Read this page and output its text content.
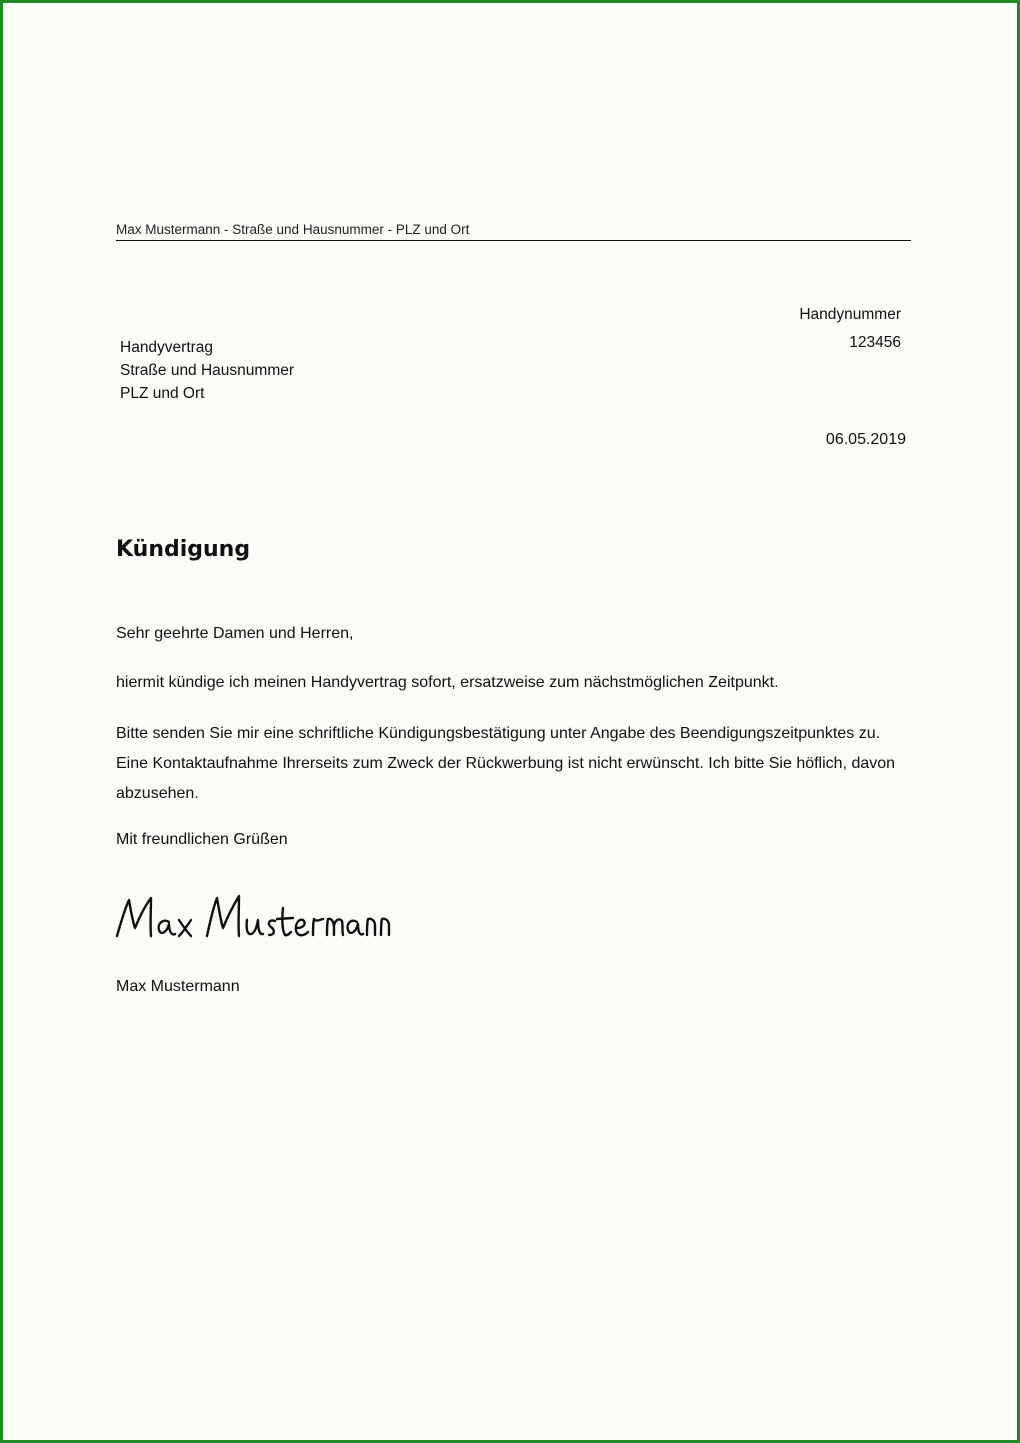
Max Mustermann - Straße und Hausnummer - PLZ und Ort
Handyvertrag
Straße und Hausnummer
PLZ und Ort
Handynummer
123456
06.05.2019
Kündigung
Sehr geehrte Damen und Herren,
hiermit kündige ich meinen Handyvertrag sofort, ersatzweise zum nächstmöglichen Zeitpunkt.
Bitte senden Sie mir eine schriftliche Kündigungsbestätigung unter Angabe des Beendigungszeitpunktes zu. Eine Kontaktaufnahme Ihrerseits zum Zweck der Rückwerbung ist nicht erwünscht. Ich bitte Sie höflich, davon abzusehen.
Mit freundlichen Grüßen
Max Mustermann
